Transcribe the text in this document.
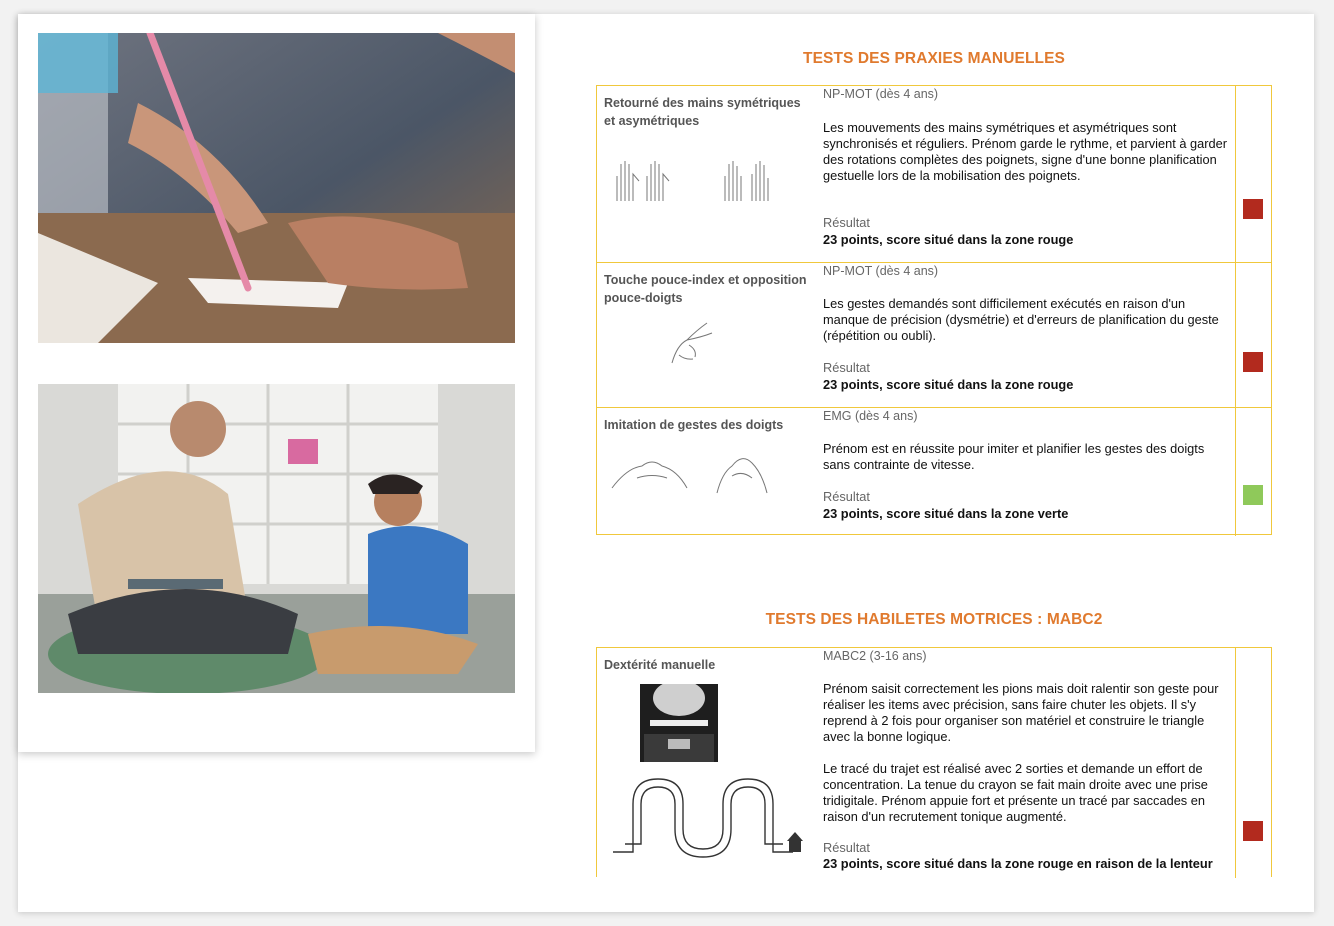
TESTS DES PRAXIES MANUELLES
Retourné des mains symétriques et asymétriques
NP-MOT (dès 4 ans)
Les mouvements des mains symétriques et asymétriques sont synchronisés et réguliers. Prénom garde le rythme, et parvient à garder des rotations complètes des poignets, signe d'une bonne planification gestuelle lors de la mobilisation des poignets.
Résultat
23 points, score situé dans la zone rouge
Touche pouce-index et opposition pouce-doigts
NP-MOT (dès 4 ans)
Les gestes demandés sont difficilement exécutés en raison d'un manque de précision (dysmétrie) et d'erreurs de planification du geste (répétition ou oubli).
Résultat
23 points, score situé dans la zone rouge
Imitation de gestes des doigts
EMG (dès 4 ans)
Prénom est en réussite pour imiter et planifier les gestes des doigts sans contrainte de vitesse.
Résultat
23 points, score situé dans la zone verte
TESTS DES HABILETES MOTRICES : MABC2
Dextérité manuelle
MABC2 (3-16 ans)
Prénom saisit correctement les pions mais doit ralentir son geste pour réaliser les items avec précision, sans faire chuter les objets. Il s'y reprend à 2 fois pour organiser son matériel et construire le triangle avec la bonne logique.
Le tracé du trajet est réalisé avec 2 sorties et demande un effort de concentration. La tenue du crayon se fait main droite avec une prise tridigitale. Prénom appuie fort et présente un tracé par saccades en raison d'un recrutement tonique augmenté.
Résultat
23 points, score situé dans la zone rouge en raison de la lenteur
